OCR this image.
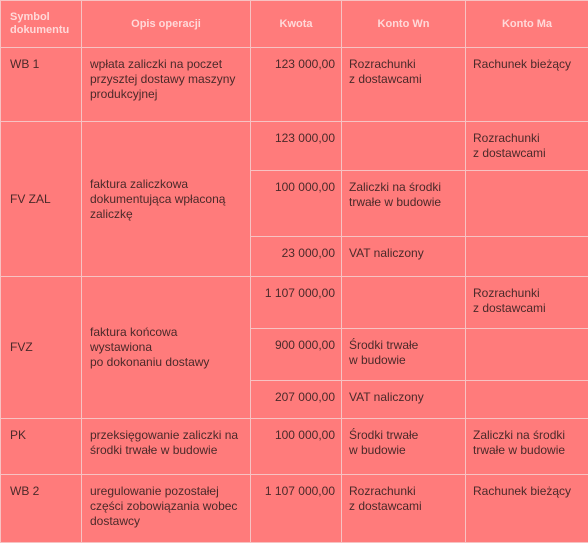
Symbol
dokumentu	Opis operacji	Kwota	Konto Wn	Konto Ma

WB 1	wpłata zaliczki na poczet
przysztej dostawy maszyny
produkcyjnej	123 000,00	Rozrachunki
z dostawcami	Rachunek bieżący

FV ZAL	faktura zaliczkowa
dokumentująca wpłaconą
zaliczkę	123 000,00		Rozrachunki
z dostawcami

		100 000,00	Zaliczki na środki
trwałe w budowie	

		23 000,00	VAT naliczony	

FVZ	faktura końcowa wystawiona
po dokonaniu dostawy	1 107 000,00		Rozrachunki
z dostawcami

		900 000,00	Środki trwałe
w budowie	

		207 000,00	VAT naliczony	

PK	przeksięgowanie zaliczki na
środki trwałe w budowie	100 000,00	Środki trwałe
w budowie	Zaliczki na środki
trwałe w budowie

WB 2	uregulowanie pozostałej
części zobowiązania wobec
dostawcy	1 107 000,00	Rozrachunki
z dostawcami	Rachunek bieżący
